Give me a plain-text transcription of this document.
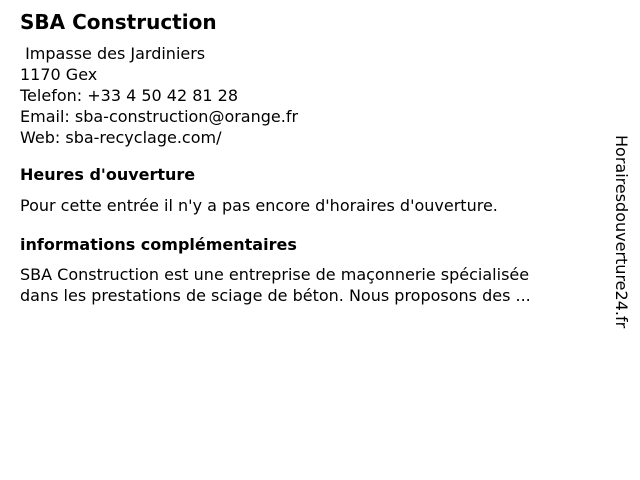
SBA Construction
Impasse des Jardiniers
1170 Gex
Telefon: +33 4 50 42 81 28
Email: sba-construction@orange.fr
Web: sba-recyclage.com/
Heures d'ouverture

Pour cette entrée il n'y a pas encore d'horaires d'ouverture.

informations complémentaires

SBA Construction est une entreprise de maçonnerie spécialisée
dans les prestations de sciage de béton. Nous proposons des ...	Horairesdouverture24.fr
